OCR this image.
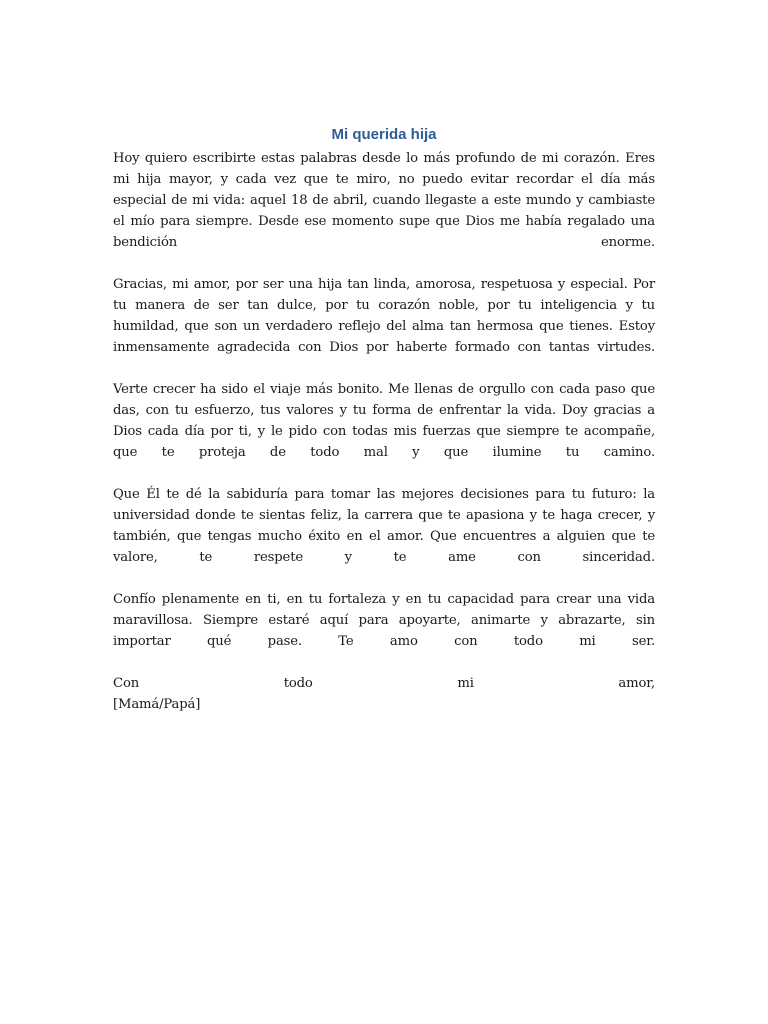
Mi querida hija

Hoy quiero escribirte estas palabras desde lo más profundo de mi corazón. Eres mi hija mayor, y cada vez que te miro, no puedo evitar recordar el día más especial de mi vida: aquel 18 de abril, cuando llegaste a este mundo y cambiaste el mío para siempre. Desde ese momento supe que Dios me había regalado una bendición enorme.

Gracias, mi amor, por ser una hija tan linda, amorosa, respetuosa y especial. Por tu manera de ser tan dulce, por tu corazón noble, por tu inteligencia y tu humildad, que son un verdadero reflejo del alma tan hermosa que tienes. Estoy inmensamente agradecida con Dios por haberte formado con tantas virtudes.

Verte crecer ha sido el viaje más bonito. Me llenas de orgullo con cada paso que das, con tu esfuerzo, tus valores y tu forma de enfrentar la vida. Doy gracias a Dios cada día por ti, y le pido con todas mis fuerzas que siempre te acompañe, que te proteja de todo mal y que ilumine tu camino.

Que Él te dé la sabiduría para tomar las mejores decisiones para tu futuro: la universidad donde te sientas feliz, la carrera que te apasiona y te haga crecer, y también, que tengas mucho éxito en el amor. Que encuentres a alguien que te valore, te respete y te ame con sinceridad.

Confío plenamente en ti, en tu fortaleza y en tu capacidad para crear una vida maravillosa. Siempre estaré aquí para apoyarte, animarte y abrazarte, sin importar qué pase. Te amo con todo mi ser.

Con todo mi amor,

[Mamá/Papá]
